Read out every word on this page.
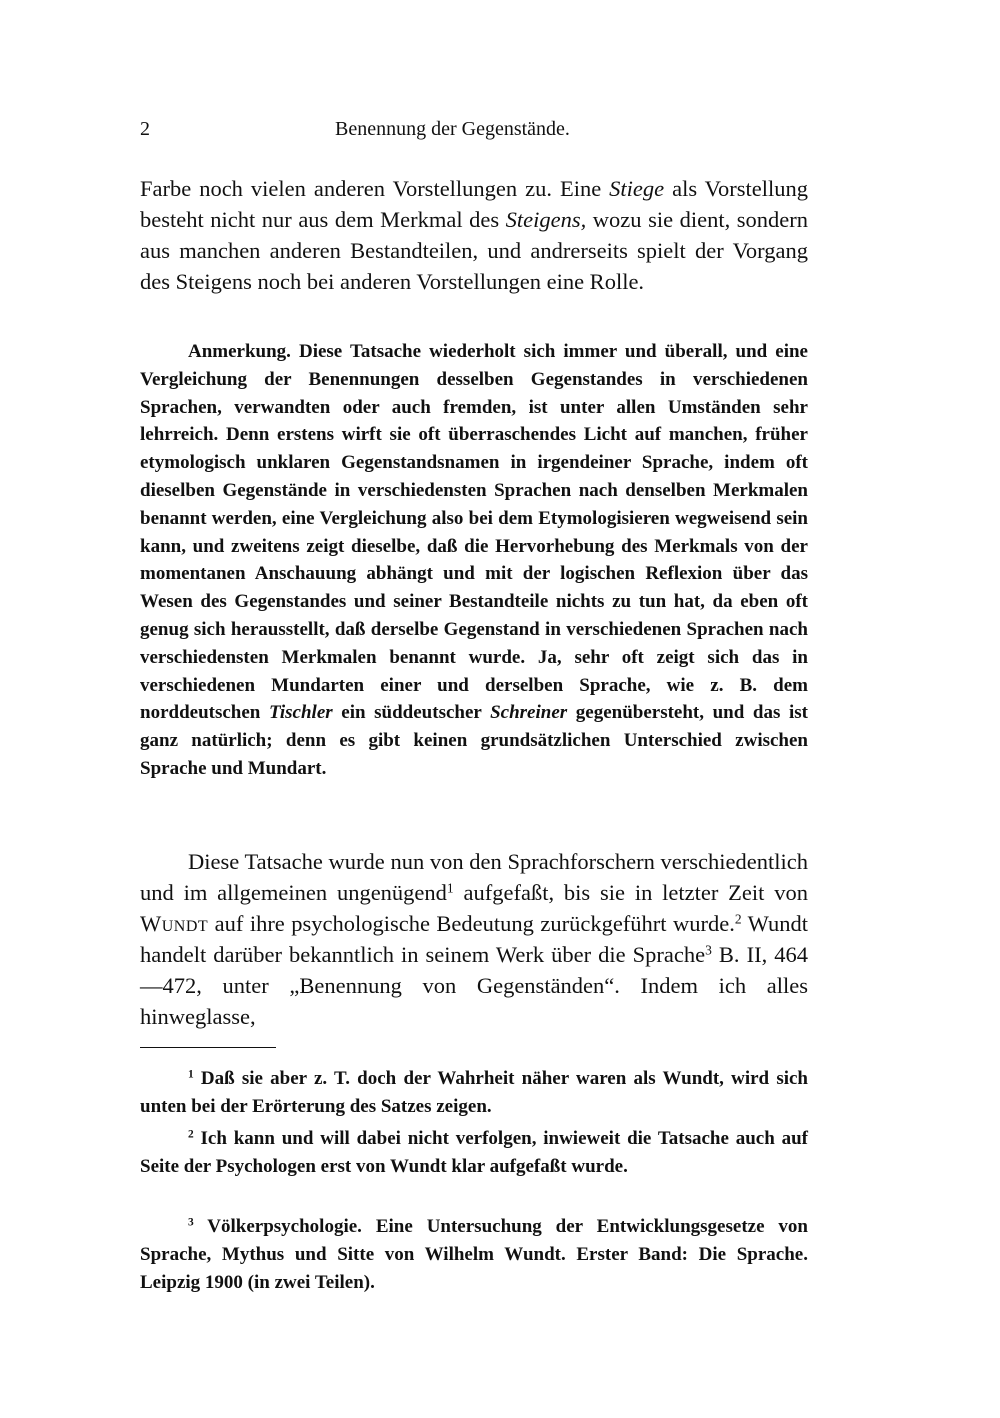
2	Benennung der Gegenstände.

Farbe noch vielen anderen Vorstellungen zu. Eine Stiege als Vorstellung besteht nicht nur aus dem Merkmal des Steigens, wozu sie dient, sondern aus manchen anderen Bestandteilen, und andrerseits spielt der Vorgang des Steigens noch bei anderen Vorstellungen eine Rolle.

Anmerkung. Diese Tatsache wiederholt sich immer und überall, und eine Vergleichung der Benennungen desselben Gegenstandes in verschiedenen Sprachen, verwandten oder auch fremden, ist unter allen Umständen sehr lehrreich. Denn erstens wirft sie oft überraschendes Licht auf manchen, früher etymologisch unklaren Gegenstandsnamen in irgendeiner Sprache, indem oft dieselben Gegenstände in verschiedensten Sprachen nach denselben Merkmalen benannt werden, eine Vergleichung also bei dem Etymologisieren wegweisend sein kann, und zweitens zeigt dieselbe, daß die Hervorhebung des Merkmals von der momentanen Anschauung abhängt und mit der logischen Reflexion über das Wesen des Gegenstandes und seiner Bestandteile nichts zu tun hat, da eben oft genug sich herausstellt, daß derselbe Gegenstand in verschiedenen Sprachen nach verschiedensten Merkmalen benannt wurde. Ja, sehr oft zeigt sich das in verschiedenen Mundarten einer und derselben Sprache, wie z. B. dem norddeutschen Tischler ein süddeutscher Schreiner gegenübersteht, und das ist ganz natürlich; denn es gibt keinen grundsätzlichen Unterschied zwischen Sprache und Mundart.

Diese Tatsache wurde nun von den Sprachforschern verschiedentlich und im allgemeinen ungenügend$^1$ aufgefaßt, bis sie in letzter Zeit von Wundt auf ihre psychologische Bedeutung zurückgeführt wurde.$^2$ Wundt handelt darüber bekanntlich in seinem Werk über die Sprache$^3$ B. II, 464—472, unter „Benennung von Gegenständen“. Indem ich alles hinweglasse,

$^1$ Daß sie aber z. T. doch der Wahrheit näher waren als Wundt, wird sich unten bei der Erörterung des Satzes zeigen.

$^2$ Ich kann und will dabei nicht verfolgen, inwieweit die Tatsache auch auf Seite der Psychologen erst von Wundt klar aufgefaßt wurde.

$^3$ Völkerpsychologie. Eine Untersuchung der Entwicklungsgesetze von Sprache, Mythus und Sitte von Wilhelm Wundt. Erster Band: Die Sprache. Leipzig 1900 (in zwei Teilen).
